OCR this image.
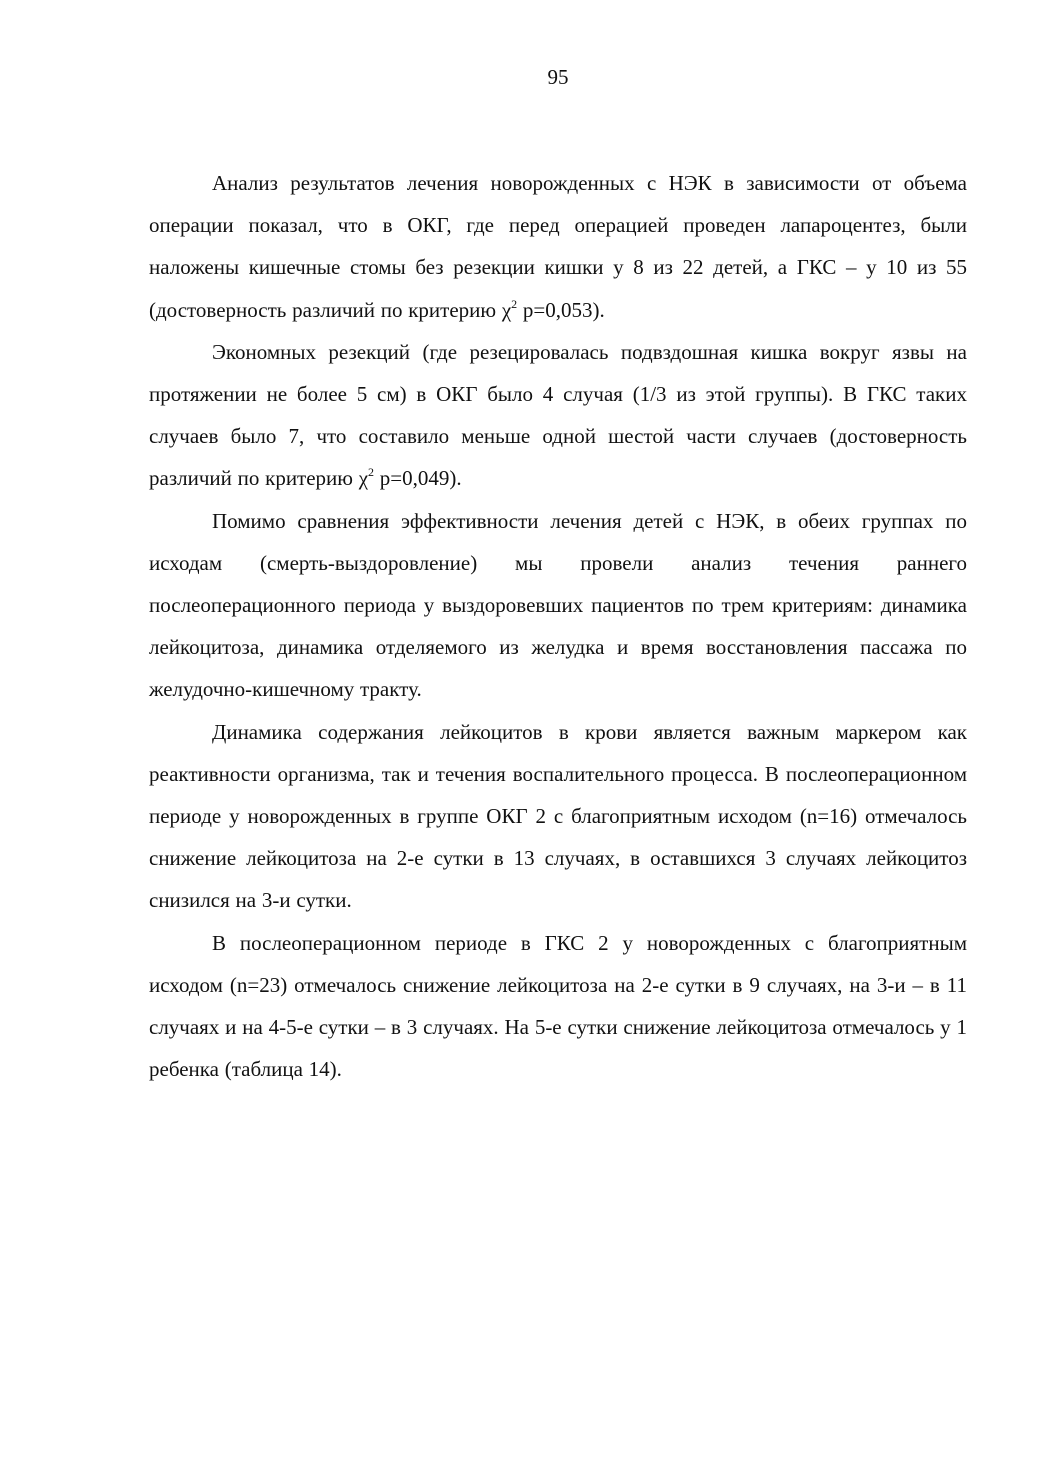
95

Анализ результатов лечения новорожденных с НЭК в зависимости от объема операции показал, что в ОКГ, где перед операцией проведен лапароцентез, были наложены кишечные стомы без резекции кишки у 8 из 22 детей, а ГКС – у 10 из 55 (достоверность различий по критерию $\chi^2$ р=0,053).

Экономных резекций (где резецировалась подвздошная кишка вокруг язвы на протяжении не более 5 см) в ОКГ было 4 случая (1/3 из этой группы). В ГКС таких случаев было 7, что составило меньше одной шестой части случаев (достоверность различий по критерию $\chi^2$ р=0,049).

Помимо сравнения эффективности лечения детей с НЭК, в обеих группах по исходам (смерть-выздоровление) мы провели анализ течения раннего послеоперационного периода у выздоровевших пациентов по трем критериям: динамика лейкоцитоза, динамика отделяемого из желудка и время восстановления пассажа по желудочно-кишечному тракту.

Динамика содержания лейкоцитов в крови является важным маркером как реактивности организма, так и течения воспалительного процесса. В послеоперационном периоде у новорожденных в группе ОКГ 2 с благоприятным исходом (n=16) отмечалось снижение лейкоцитоза на 2-е сутки в 13 случаях, в оставшихся 3 случаях лейкоцитоз снизился на 3-и сутки.

В послеоперационном периоде в ГКС 2 у новорожденных с благоприятным исходом (n=23) отмечалось снижение лейкоцитоза на 2-е сутки в 9 случаях, на 3-и – в 11 случаях и на 4-5-е сутки – в 3 случаях. На 5-е сутки снижение лейкоцитоза отмечалось у 1 ребенка (таблица 14).
